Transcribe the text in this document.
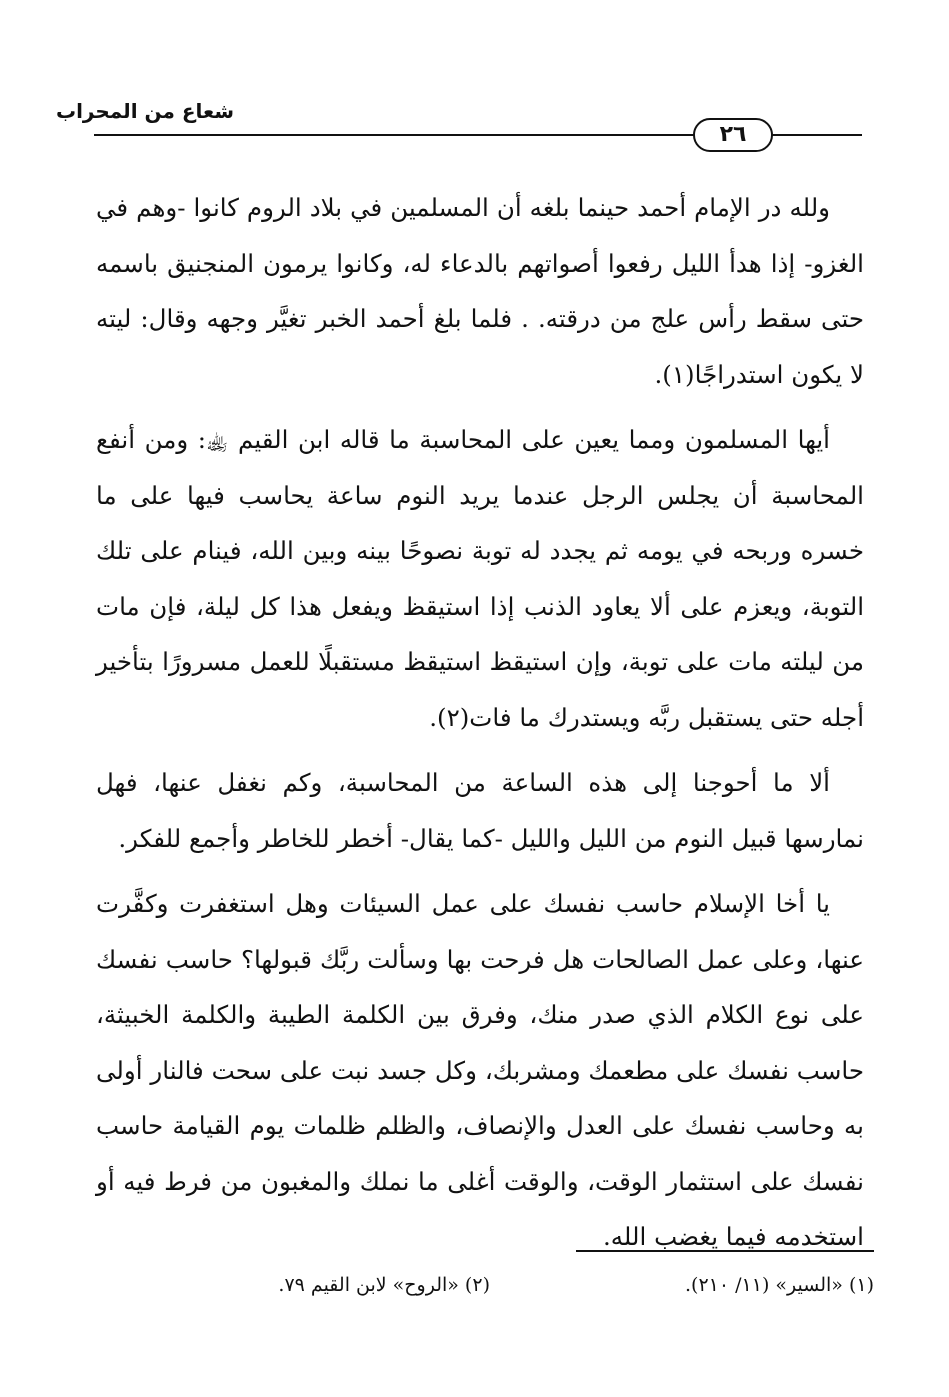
شعاع من المحراب
٢٦

ولله در الإمام أحمد حينما بلغه أن المسلمين في بلاد الروم كانوا -وهم في الغزو- إذا هدأ الليل رفعوا أصواتهم بالدعاء له، وكانوا يرمون المنجنيق باسمه حتى سقط رأس علج من درقته. . فلما بلغ أحمد الخبر تغيَّر وجهه وقال: ليته لا يكون استدراجًا(١).

أيها المسلمون ومما يعين على المحاسبة ما قاله ابن القيم ﵀: ومن أنفع المحاسبة أن يجلس الرجل عندما يريد النوم ساعة يحاسب فيها على ما خسره وربحه في يومه ثم يجدد له توبة نصوحًا بينه وبين الله، فينام على تلك التوبة، ويعزم على ألا يعاود الذنب إذا استيقظ ويفعل هذا كل ليلة، فإن مات من ليلته مات على توبة، وإن استيقظ استيقظ مستقبلًا للعمل مسرورًا بتأخير أجله حتى يستقبل ربَّه ويستدرك ما فات(٢).

ألا ما أحوجنا إلى هذه الساعة من المحاسبة، وكم نغفل عنها، فهل نمارسها قبيل النوم من الليل والليل -كما يقال- أخطر للخاطر وأجمع للفكر.

يا أخا الإسلام حاسب نفسك على عمل السيئات وهل استغفرت وكفَّرت عنها، وعلى عمل الصالحات هل فرحت بها وسألت ربَّك قبولها؟ حاسب نفسك على نوع الكلام الذي صدر منك، وفرق بين الكلمة الطيبة والكلمة الخبيثة، حاسب نفسك على مطعمك ومشربك، وكل جسد نبت على سحت فالنار أولى به وحاسب نفسك على العدل والإنصاف، والظلم ظلمات يوم القيامة حاسب نفسك على استثمار الوقت، والوقت أغلى ما نملك والمغبون من فرط فيه أو استخدمه فيما يغضب الله.

(١) «السير» (١١/ ٢١٠).
(٢) «الروح» لابن القيم ٧٩.
